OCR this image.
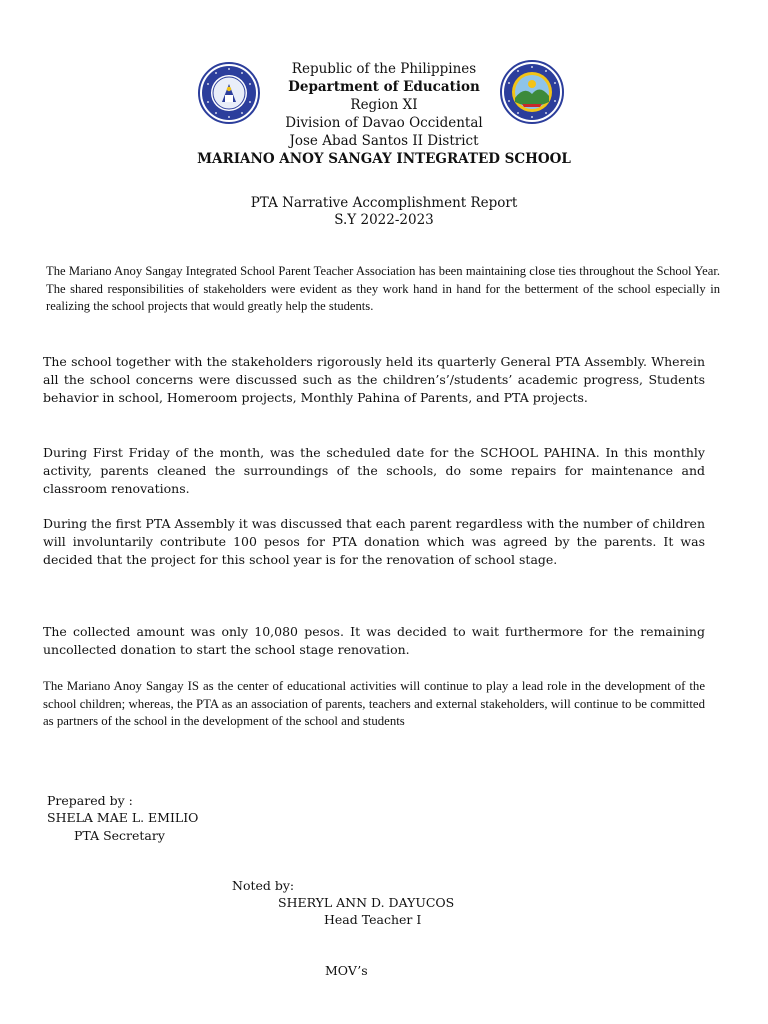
Republic of the Philippines
Department of Education
Region XI
Division of Davao Occidental
Jose Abad Santos II District
MARIANO ANOY SANGAY INTEGRATED SCHOOL
PTA Narrative Accomplishment Report
S.Y 2022-2023
The Mariano Anoy Sangay Integrated School Parent Teacher Association has been maintaining close ties throughout the School Year. The shared responsibilities of stakeholders were evident as they work hand in hand for the betterment of the school especially in realizing the school projects that would greatly help the students.
The school together with the stakeholders rigorously held its quarterly General PTA Assembly. Wherein all the school concerns were discussed such as the children’s’/students’ academic progress, Students behavior in school, Homeroom projects, Monthly Pahina of Parents, and PTA projects.
During First Friday of the month, was the scheduled date for the SCHOOL PAHINA. In this monthly activity, parents cleaned the surroundings of the schools, do some repairs for maintenance and classroom renovations.
During the first PTA Assembly it was discussed that each parent regardless with the number of children will involuntarily contribute 100 pesos for PTA donation which was agreed by the parents. It was decided that the project for this school year is for the renovation of school stage.
The collected amount was only 10,080 pesos. It was decided to wait furthermore for the remaining uncollected donation to start the school stage renovation.
The Mariano Anoy Sangay IS as the center of educational activities will continue to play a lead role in the development of the school children; whereas, the PTA as an association of parents, teachers and external stakeholders, will continue to be committed as partners of the school in the development of the school and students
Prepared by :
SHELA MAE L. EMILIO
PTA Secretary
Noted by:
SHERYL ANN D. DAYUCOS
Head Teacher I
MOV’s
